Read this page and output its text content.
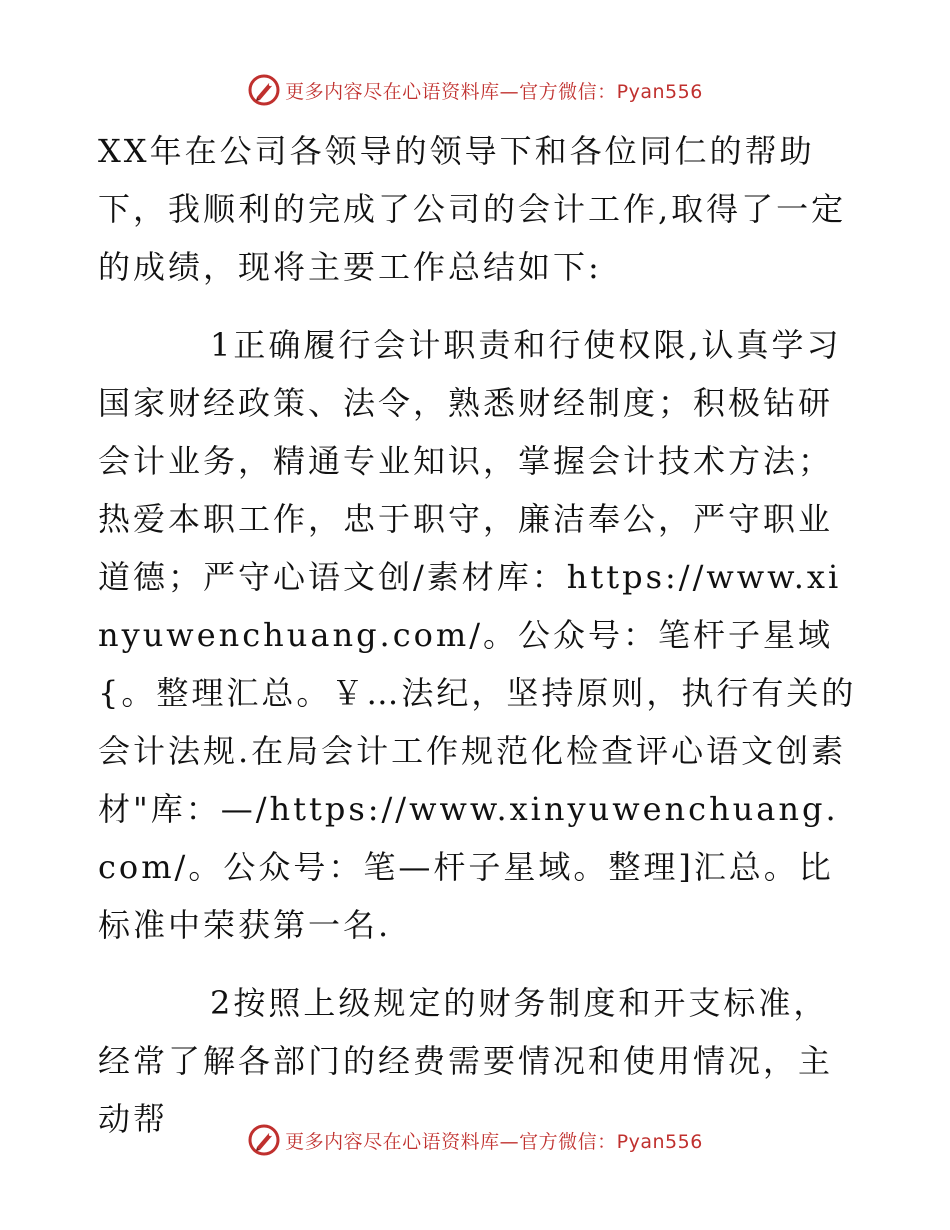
更多内容尽在心语资料库—官方微信：Pyan556

XX年在公司各领导的领导下和各位同仁的帮助下，我顺利的完成了公司的会计工作,取得了一定的成绩，现将主要工作总结如下:

1正确履行会计职责和行使权限,认真学习国家财经政策、法令，熟悉财经制度；积极钻研会计业务，精通专业知识，掌握会计技术方法；热爱本职工作，忠于职守，廉洁奉公，严守职业道德；严守心语文创/素材库：https://www.xinyuwenchuang.com/。公众号：笔杆子星域{。整理汇总。￥…法纪，坚持原则，执行有关的会计法规.在局会计工作规范化检查评心语文创素材"库：—/https://www.xinyuwenchuang.com/。公众号：笔—杆子星域。整理]汇总。比标准中荣获第一名.

2按照上级规定的财务制度和开支标准，经常了解各部门的经费需要情况和使用情况，主动帮

更多内容尽在心语资料库—官方微信：Pyan556
